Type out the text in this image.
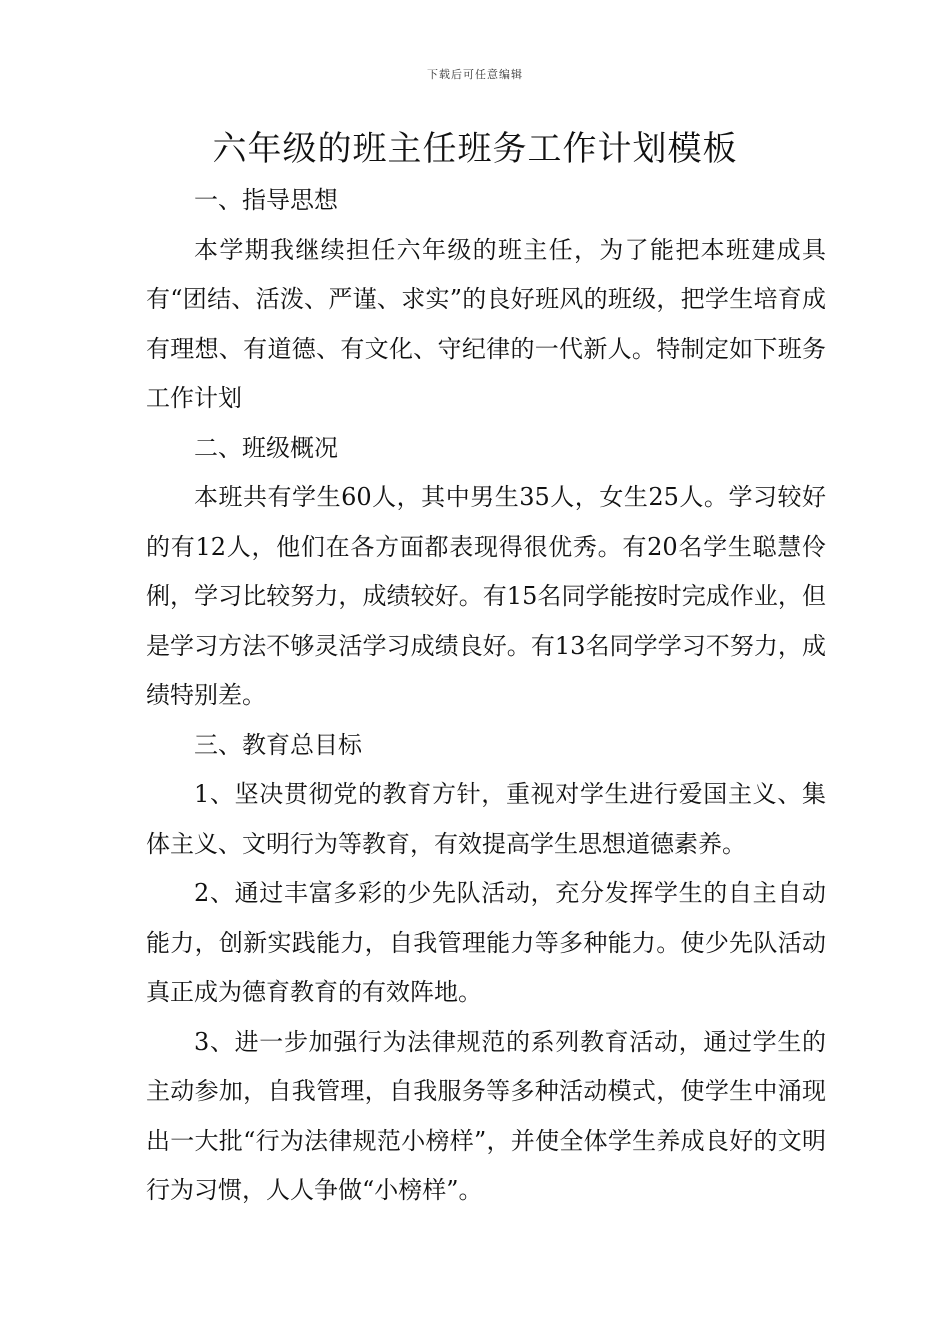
下载后可任意编辑
六年级的班主任班务工作计划模板

一、指导思想

本学期我继续担任六年级的班主任，为了能把本班建成具有“团结、活泼、严谨、求实”的良好班风的班级，把学生培育成有理想、有道德、有文化、守纪律的一代新人。特制定如下班务工作计划

二、班级概况

本班共有学生60人，其中男生35人，女生25人。学习较好的有12人，他们在各方面都表现得很优秀。有20名学生聪慧伶俐，学习比较努力，成绩较好。有15名同学能按时完成作业，但是学习方法不够灵活学习成绩良好。有13名同学学习不努力，成绩特别差。

三、教育总目标

1、坚决贯彻党的教育方针，重视对学生进行爱国主义、集体主义、文明行为等教育，有效提高学生思想道德素养。

2、通过丰富多彩的少先队活动，充分发挥学生的自主自动能力，创新实践能力，自我管理能力等多种能力。使少先队活动真正成为德育教育的有效阵地。

3、进一步加强行为法律规范的系列教育活动，通过学生的主动参加，自我管理，自我服务等多种活动模式，使学生中涌现出一大批“行为法律规范小榜样”，并使全体学生养成良好的文明行为习惯，人人争做“小榜样”。
